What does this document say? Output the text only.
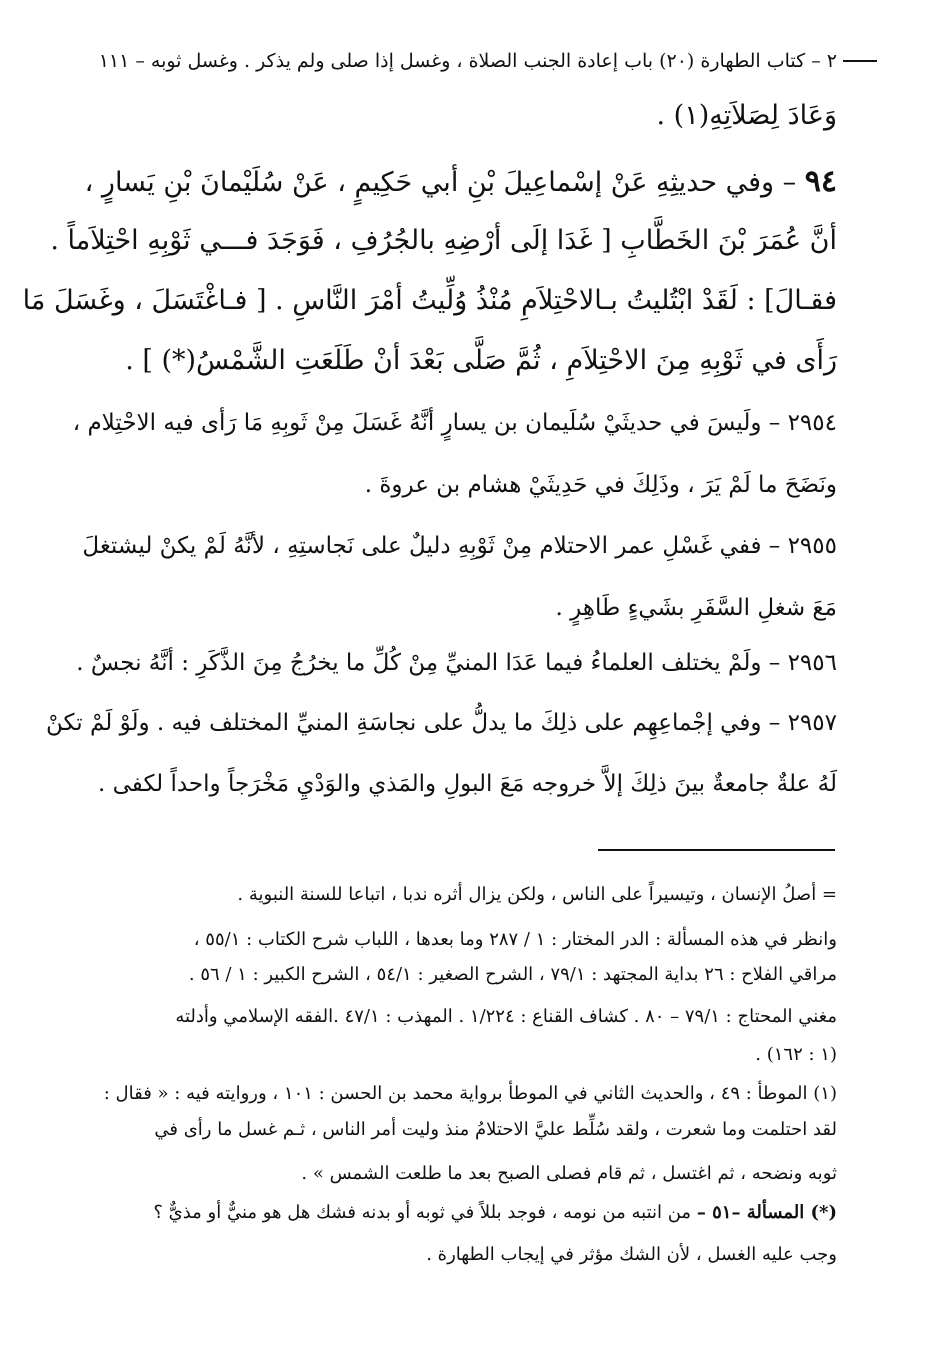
٢ – كتاب الطهارة (٢٠) باب إعادة الجنب الصلاة ، وغسل إذا صلى ولم يذكر . وغسل ثوبه – ١١١
وَعَادَ لِصَلاَتِهِ(١) .
٩٤ – وفي حديثِهِ عَنْ إسْماعِيلَ بْنِ أبي حَكِيمٍ ، عَنْ سُلَيْمانَ بْنِ يَسارٍ ،
أنَّ عُمَرَ بْنَ الخَطَّابِ [ غَدَا إلَى أرْضِهِ بالجُرُفِ ، فَوَجَدَ فـــي ثَوْبِهِ احْتِلاَماً .
فقـالَ] : لَقَدْ ابْتُليتُ بـالاحْتِلاَمِ مُنْذُ وُلِّيتُ أمْرَ النَّاسِ . [ فـاغْتَسَلَ ، وغَسَلَ مَا
رَأَى في ثَوْبِهِ مِنَ الاحْتِلاَمِ ، ثُمَّ صَلَّى بَعْدَ أنْ طَلَعَتِ الشَّمْسُ(*) ] .
٢٩٥٤ – ولَيسَ في حديثَيْ سُلَيمان بن يسارٍ أنَّهُ غَسَلَ مِنْ ثَوبِهِ مَا رَأى فيه الاحْتِلام ،
ونَضَحَ ما لَمْ يَرَ ، وذَلِكَ في حَدِيثَيْ هشام بن عروةَ .
٢٩٥٥ – ففي غَسْلِ عمر الاحتلام مِنْ ثَوْبِهِ دليلٌ على نَجاستِهِ ، لأنَّهُ لَمْ يكنْ ليشتغلَ
مَعَ شغلِ السَّفَرِ بشَيءٍ طَاهِرٍ .
٢٩٥٦ – ولَمْ يختلف العلماءُ فيما عَدَا المنيِّ مِنْ كُلِّ ما يخرُجُ مِنَ الذَّكَرِ : أنَّهُ نجسٌ .
٢٩٥٧ – وفي إجْماعِهِم على ذلِكَ ما يدلُّ على نجاسَةِ المنيِّ المختلف فيه . ولَوْ لَمْ تكنْ
لَهُ علةٌ جامعةٌ بينَ ذلِكَ إلاَّ خروجه مَعَ البولِ والمَذي والوَدْيِ مَخْرَجاً واحداً لكفى .
= أصلُ الإنسان ، وتيسيراً على الناس ، ولكن يزال أثره ندبا ، اتباعا للسنة النبوية .
وانظر في هذه المسألة : الدر المختار : ١ / ٢٨٧ وما بعدها ، اللباب شرح الكتاب : ٥٥/١ ،
مراقي الفلاح : ٢٦ بداية المجتهد : ٧٩/١ ، الشرح الصغير : ٥٤/١ ، الشرح الكبير : ١ / ٥٦ .
مغني المحتاج : ٧٩/١ – ٨٠ . كشاف القناع : ١/٢٢٤ . المهذب : ٤٧/١ .الفقه الإسلامي وأدلته
(١ : ١٦٢) .
(١) الموطأ : ٤٩ ، والحديث الثاني في الموطأ برواية محمد بن الحسن : ١٠١ ، وروايته فيه : « فقال :
لقد احتلمت وما شعرت ، ولقد سُلِّط عليَّ الاحتلامُ منذ وليت أمر الناس ، ثـم غسل ما رأى في
ثوبه ونضحه ، ثم اغتسل ، ثم قام فصلى الصبح بعد ما طلعت الشمس » .
(*) المسألة –٥١ – من انتبه من نومه ، فوجد بللاً في ثوبه أو بدنه فشك هل هو منيٌّ أو مذيٌّ ؟
وجب عليه الغسل ، لأن الشك مؤثر في إيجاب الطهارة .
